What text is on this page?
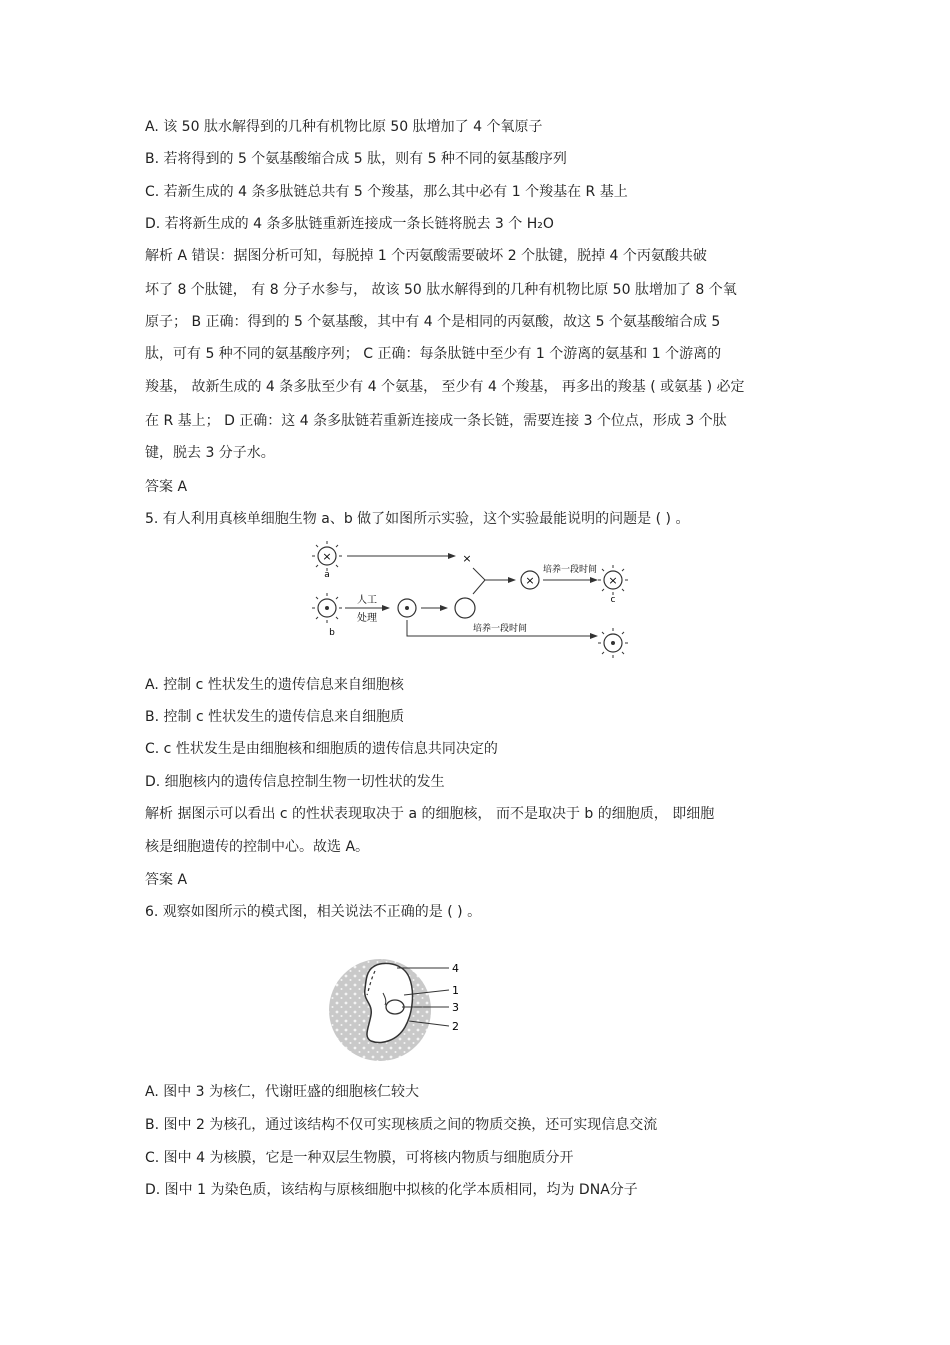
A. 该 50 肽水解得到的几种有机物比原 50 肽增加了 4 个氧原子
B. 若将得到的 5 个氨基酸缩合成 5 肽，则有 5 种不同的氨基酸序列
C. 若新生成的 4 条多肽链总共有 5 个羧基，那么其中必有 1 个羧基在 R 基上
D. 若将新生成的 4 条多肽链重新连接成一条长链将脱去 3 个 H₂O
解析 A 错误：据图分析可知，每脱掉 1 个丙氨酸需要破坏 2 个肽键，脱掉 4 个丙氨酸共破
坏了 8 个肽键， 有 8 分子水参与， 故该 50 肽水解得到的几种有机物比原 50 肽增加了 8 个氧
原子； B 正确：得到的 5 个氨基酸，其中有 4 个是相同的丙氨酸，故这 5 个氨基酸缩合成 5
肽，可有 5 种不同的氨基酸序列； C 正确：每条肽链中至少有 1 个游离的氨基和 1 个游离的
羧基， 故新生成的 4 条多肽至少有 4 个氨基， 至少有 4 个羧基， 再多出的羧基 ( 或氨基 ) 必定
在 R 基上； D 正确：这 4 条多肽链若重新连接成一条长链，需要连接 3 个位点，形成 3 个肽
键，脱去 3 分子水。
答案 A
5. 有人利用真核单细胞生物 a、b 做了如图所示实验，这个实验最能说明的问题是 ( ) 。
×
a
×
×
培养一段时间
×
c
b
人工
处理
培养一段时间
A. 控制 c 性状发生的遗传信息来自细胞核
B. 控制 c 性状发生的遗传信息来自细胞质
C. c 性状发生是由细胞核和细胞质的遗传信息共同决定的
D. 细胞核内的遗传信息控制生物一切性状的发生
解析 据图示可以看出 c 的性状表现取决于 a 的细胞核， 而不是取决于 b 的细胞质， 即细胞
核是细胞遗传的控制中心。故选 A。
答案 A
6. 观察如图所示的模式图，相关说法不正确的是 ( ) 。
4
1
3
2
A. 图中 3 为核仁，代谢旺盛的细胞核仁较大
B. 图中 2 为核孔，通过该结构不仅可实现核质之间的物质交换，还可实现信息交流
C. 图中 4 为核膜，它是一种双层生物膜，可将核内物质与细胞质分开
D. 图中 1 为染色质，该结构与原核细胞中拟核的化学本质相同，均为 DNA分子
